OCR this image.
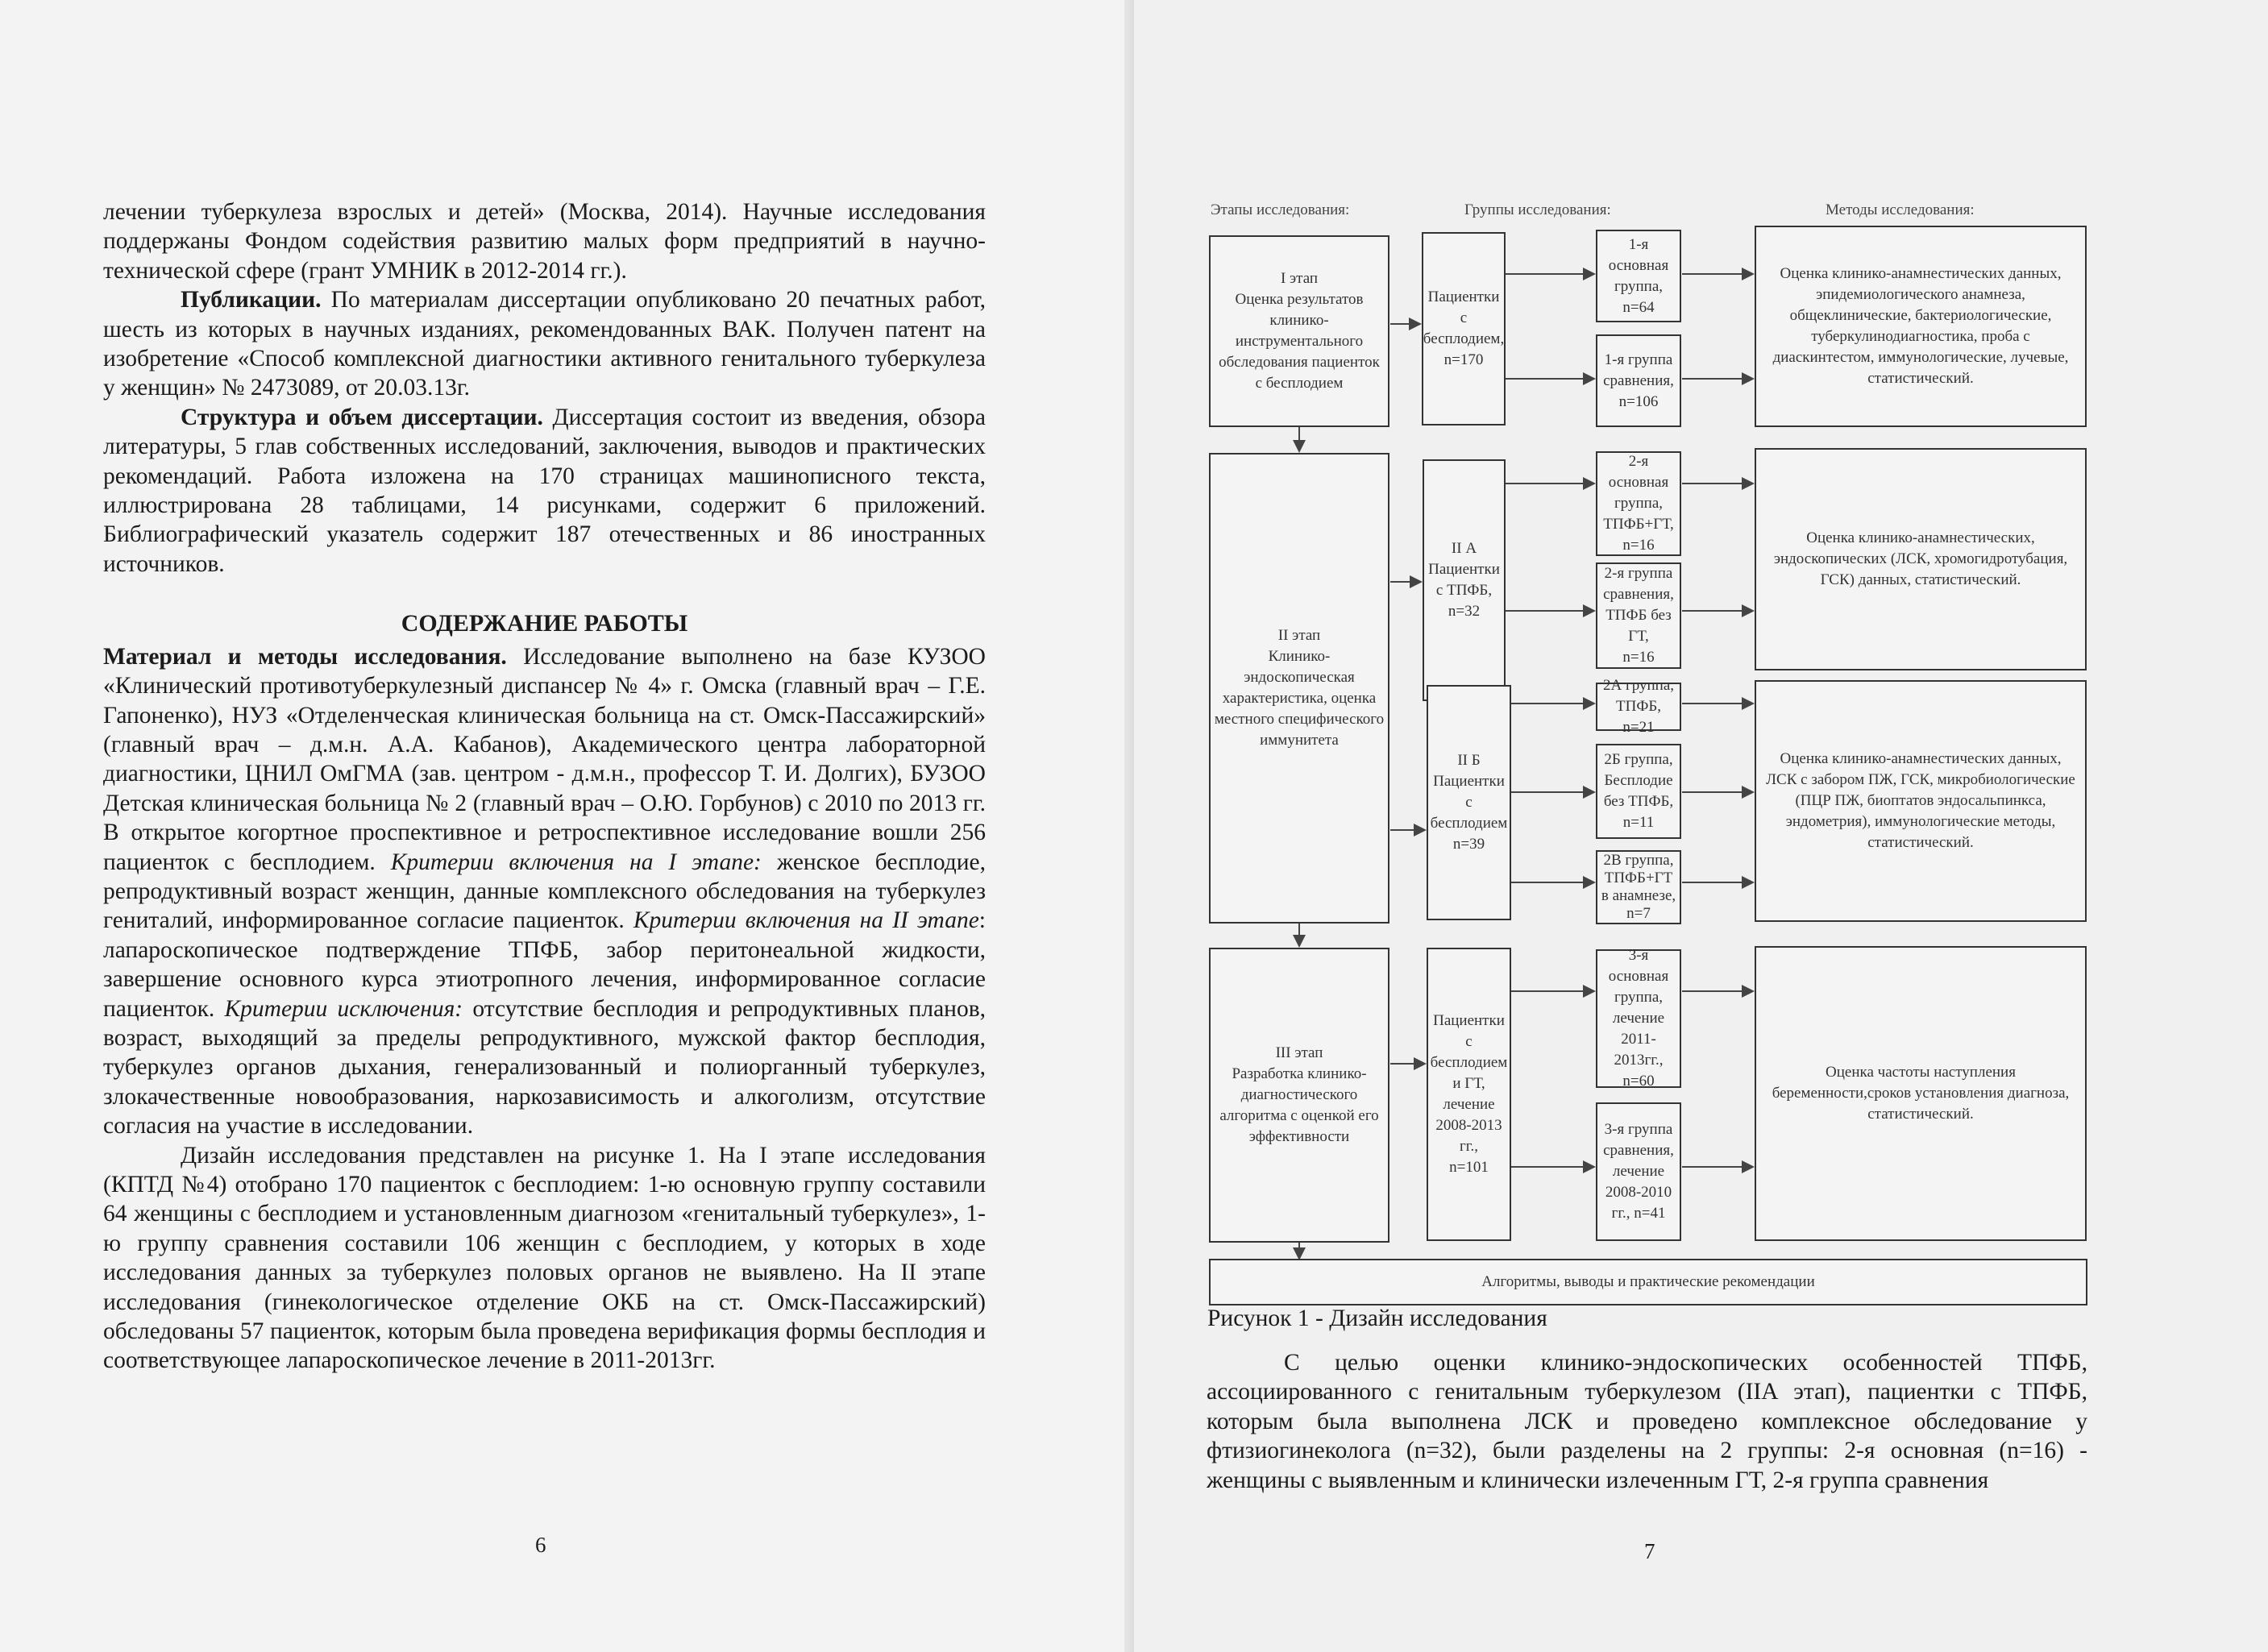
лечении туберкулеза взрослых и детей» (Москва, 2014). Научные исследования поддержаны Фондом содействия развитию малых форм предприятий в научно-технической сфере (грант УМНИК в 2012-2014 гг.).

Публикации. По материалам диссертации опубликовано 20 печатных работ, шесть из которых в научных изданиях, рекомендованных ВАК. Получен патент на изобретение «Способ комплексной диагностики активного генитального туберкулеза у женщин» № 2473089, от 20.03.13г.

Структура и объем диссертации. Диссертация состоит из введения, обзора литературы, 5 глав собственных исследований, заключения, выводов и практических рекомендаций. Работа изложена на 170 страницах машинописного текста, иллюстрирована 28 таблицами, 14 рисунками, содержит 6 приложений. Библиографический указатель содержит 187 отечественных и 86 иностранных источников.

СОДЕРЖАНИЕ РАБОТЫ

Материал и методы исследования. Исследование выполнено на базе КУЗОО «Клинический противотуберкулезный диспансер № 4» г. Омска (главный врач – Г.Е. Гапоненко), НУЗ «Отделенческая клиническая больница на ст. Омск-Пассажирский» (главный врач – д.м.н. А.А. Кабанов), Академического центра лабораторной диагностики, ЦНИЛ ОмГМА (зав. центром - д.м.н., профессор Т. И. Долгих), БУЗОО Детская клиническая больница № 2 (главный врач – О.Ю. Горбунов) с 2010 по 2013 гг. В открытое когортное проспективное и ретроспективное исследование вошли 256 пациенток с бесплодием. Критерии включения на I этапе: женское бесплодие, репродуктивный возраст женщин, данные комплексного обследования на туберкулез гениталий, информированное согласие пациенток. Критерии включения на II этапе: лапароскопическое подтверждение ТПФБ, забор перитонеальной жидкости, завершение основного курса этиотропного лечения, информированное согласие пациенток. Критерии исключения: отсутствие бесплодия и репродуктивных планов, возраст, выходящий за пределы репродуктивного, мужской фактор бесплодия, туберкулез органов дыхания, генерализованный и полиорганный туберкулез, злокачественные новообразования, наркозависимость и алкоголизм, отсутствие согласия на участие в исследовании.

Дизайн исследования представлен на рисунке 1. На I этапе исследования (КПТД №4) отобрано 170 пациенток с бесплодием: 1-ю основную группу составили 64 женщины с бесплодием и установленным диагнозом «генитальный туберкулез», 1-ю группу сравнения составили 106 женщин с бесплодием, у которых в ходе исследования данных за туберкулез половых органов не выявлено. На II этапе исследования (гинекологическое отделение ОКБ на ст. Омск-Пассажирский) обследованы 57 пациенток, которым была проведена верификация формы бесплодия и соответствующее лапароскопическое лечение в 2011-2013гг.

6
Этапы исследования:	Группы исследования:	Методы исследования:
I этап
Оценка результатов клинико-инструментального обследования пациенток с бесплодием
Пациентки с бесплодием,
n=170
1-я основная группа,
n=64
1-я группа сравнения,
n=106
Оценка клинико-анамнестических данных, эпидемиологического анамнеза, общеклинические, бактериологические, туберкулинодиагностика, проба с диаскинтестом, иммунологические, лучевые, статистический.
II этап
Клинико-эндоскопическая характеристика, оценка местного специфического иммунитета
II А
Пациентки с ТПФБ,
n=32
2-я основная группа,
ТПФБ+ГТ,
n=16
2-я группа сравнения,
ТПФБ без ГТ,
n=16
Оценка клинико-анамнестических, эндоскопических (ЛСК, хромогидротубация, ГСК) данных, статистический.
II Б
Пациентки с бесплодием
n=39
2А группа,
ТПФБ, n=21
2Б группа,
Бесплодие без ТПФБ,
n=11
2В группа,
ТПФБ+ГТ в анамнезе,
n=7
Оценка клинико-анамнестических данных, ЛСК с забором ПЖ, ГСК, микробиологические (ПЦР ПЖ, биоптатов эндосальпинкса, эндометрия), иммунологические методы, статистический.
III этап
Разработка клинико-диагностического алгоритма с оценкой его эффективности
Пациентки с бесплодием и ГТ, лечение 2008-2013 гг.,
n=101
3-я основная группа,
лечение 2011-2013гг.,
n=60
3-я группа сравнения,
лечение 2008-2010 гг., n=41
Оценка частоты наступления беременности,сроков установления диагноза, статистический.
Алгоритмы, выводы и практические рекомендации
Рисунок 1 - Дизайн исследования

С целью оценки клинико-эндоскопических особенностей ТПФБ, ассоциированного с генитальным туберкулезом (IIA этап), пациентки с ТПФБ, которым была выполнена ЛСК и проведено комплексное обследование у фтизиогинеколога (n=32), были разделены на 2 группы: 2-я основная (n=16) - женщины с выявленным и клинически излеченным ГТ, 2-я группа сравнения

7
